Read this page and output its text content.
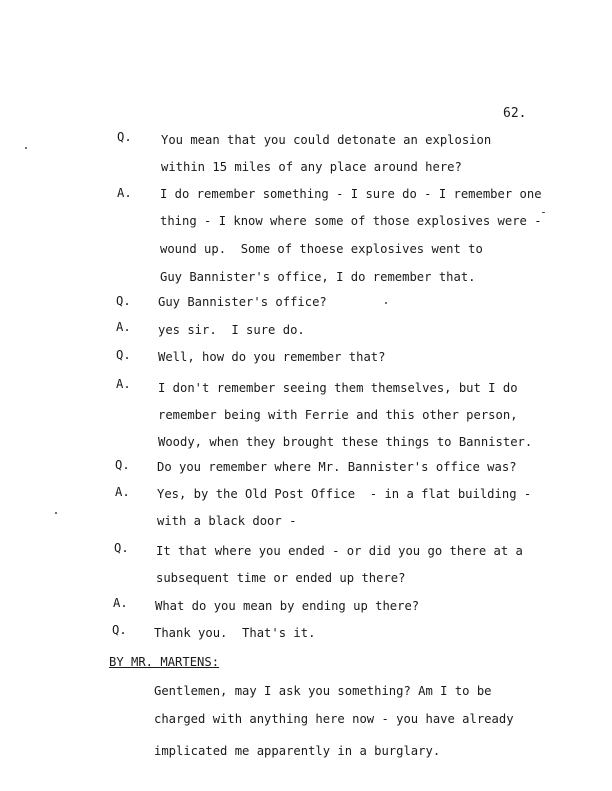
62.
Q. You mean that you could detonate an explosion
within 15 miles of any place around here?
A. I do remember something - I sure do - I remember one
thing - I know where some of those explosives were -
wound up.  Some of thoese explosives went to
Guy Bannister's office, I do remember that.
Q. Guy Bannister's office?
A. yes sir.  I sure do.
Q. Well, how do you remember that?
A. I don't remember seeing them themselves, but I do
remember being with Ferrie and this other person,
Woody, when they brought these things to Bannister.
Q. Do you remember where Mr. Bannister's office was?
A. Yes, by the Old Post Office  - in a flat building -
with a black door -
Q. It that where you ended - or did you go there at a
subsequent time or ended up there?
A. What do you mean by ending up there?
Q. Thank you.  That's it.
BY MR. MARTENS:
Gentlemen, may I ask you something? Am I to be
charged with anything here now - you have already
implicated me apparently in a burglary.
